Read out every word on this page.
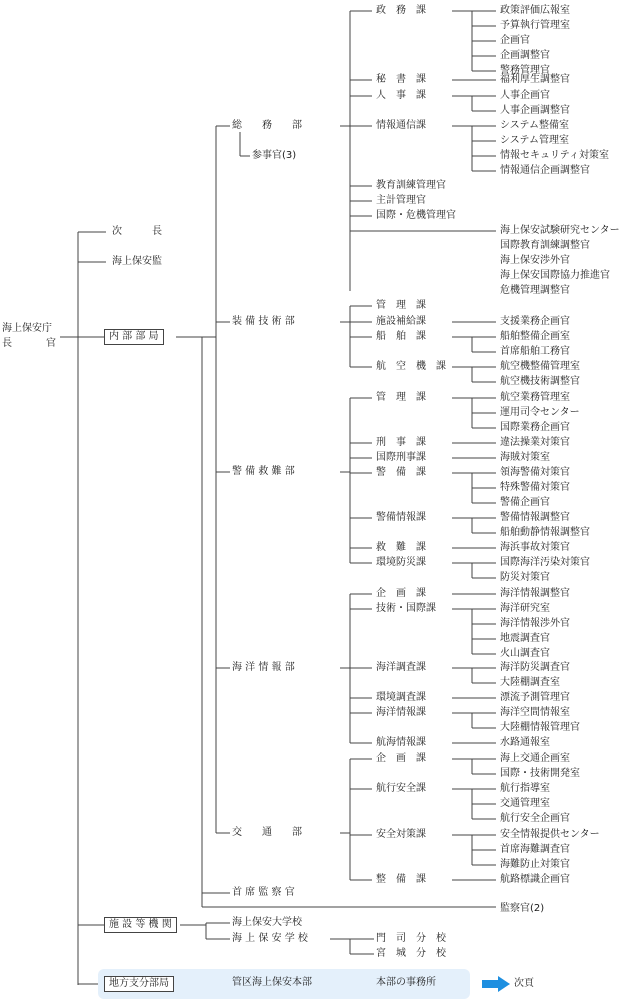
政　務　課	政策評価広報室
予算執行管理室
企画官
企画調整官
警務管理官
秘　書　課	福利厚生調整官
人　事　課	人事企画官
人事企画調整官
情報通信課	システム整備室
システム管理室
情報セキュリティ対策室
情報通信企画調整官
教育訓練管理官
主計管理官
国際・危機管理官
海上保安試験研究センター
国際教育訓練調整官
海上保安渉外官
海上保安国際協力推進官
危機管理調整官
管　理　課
施設補給課	支援業務企画官
船　舶　課	船舶整備企画室
首席船舶工務官
航　空　機　課	航空機整備管理室
航空機技術調整官
管　理　課	航空業務管理室
運用司令センター
国際業務企画官
刑　事　課	違法操業対策官
国際刑事課	海賊対策室
警　備　課	領海警備対策官
特殊警備対策官
警備企画官
警備情報課	警備情報調整官
船舶動静情報調整官
救　難　課	海浜事故対策官
環境防災課	国際海洋汚染対策官
防災対策官
企　画　課	海洋情報調整官
技術・国際課	海洋研究室
海洋情報渉外官
地震調査官
火山調査官
海洋調査課	海洋防災調査官
大陸棚調査室
環境調査課	漂流予測管理官
海洋情報課	海洋空間情報室
大陸棚情報管理官
航海情報課	水路通報室
企　画　課	海上交通企画室
国際・技術開発室
航行安全課	航行指導室
交通管理室
航行安全企画官
安全対策課	安全情報提供センター
首席海難調査官
海難防止対策官
整　備　課	航路標識企画官
海上保安庁
長　　　官
次　　　長
海上保安監
内 部 部 局
施 設 等 機 関
地方支分部局
総　　務　　部
参事官(3)
装 備 技 術 部
警 備 救 難 部
海 洋 情 報 部
交　　通　　部
首 席 監 察 官
監察官(2)
海上保安大学校
海 上 保 安 学 校	門　司　分　校
宮　城　分　校
管区海上保安本部	本部の事務所	次頁
